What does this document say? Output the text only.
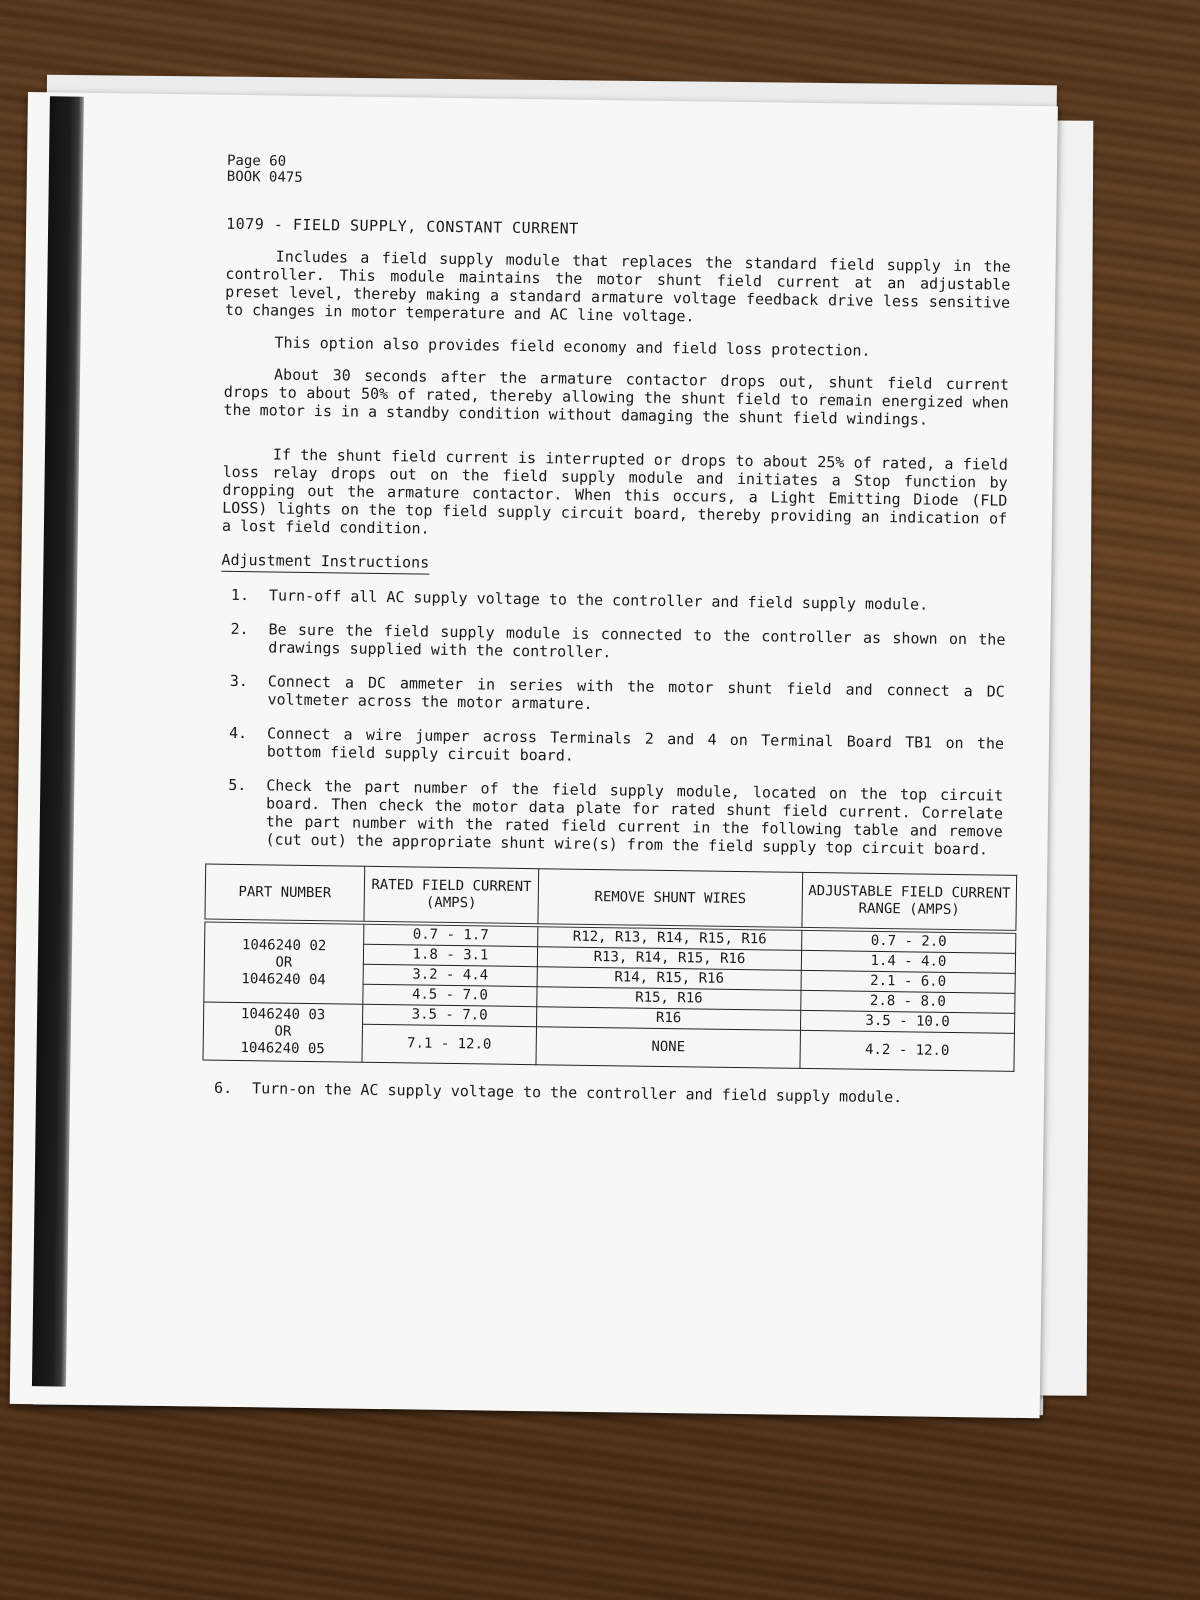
Page 60
BOOK 0475
1079 - FIELD SUPPLY, CONSTANT CURRENT

Includes a field supply module that replaces the standard field supply in the controller. This module maintains the motor shunt field current at an adjustable preset level, thereby making a standard armature voltage feedback drive less sensitive to changes in motor temperature and AC line voltage.

This option also provides field economy and field loss protection.

About 30 seconds after the armature contactor drops out, shunt field current drops to about 50% of rated, thereby allowing the shunt field to remain energized when the motor is in a standby condition without damaging the shunt field windings.

If the shunt field current is interrupted or drops to about 25% of rated, a field loss relay drops out on the field supply module and initiates a Stop function by dropping out the armature contactor. When this occurs, a Light Emitting Diode (FLD LOSS) lights on the top field supply circuit board, thereby providing an indication of a lost field condition.

Adjustment Instructions
1.	Turn-off all AC supply voltage to the controller and field supply module.
2.	Be sure the field supply module is connected to the controller as shown on the drawings supplied with the controller.
3.	Connect a DC ammeter in series with the motor shunt field and connect a DC voltmeter across the motor armature.
4.	Connect a wire jumper across Terminals 2 and 4 on Terminal Board TB1 on the bottom field supply circuit board.
5.	Check the part number of the field supply module, located on the top circuit board. Then check the motor data plate for rated shunt field current. Correlate the part number with the rated field current in the following table and remove (cut out) the appropriate shunt wire(s) from the field supply top circuit board.
PART NUMBER	RATED FIELD CURRENT (AMPS)	REMOVE SHUNT WIRES	ADJUSTABLE FIELD CURRENT RANGE (AMPS)

1046240 02
OR
1046240 04	0.7 - 1.7	R12, R13, R14, R15, R16	0.7 - 2.0
	1.8 - 3.1	R13, R14, R15, R16	1.4 - 4.0
	3.2 - 4.4	R14, R15, R16	2.1 - 6.0
	4.5 - 7.0	R15, R16	2.8 - 8.0

1046240 03
OR
1046240 05	3.5 - 7.0	R16	3.5 - 10.0
	7.1 - 12.0	NONE	4.2 - 12.0
6.	Turn-on the AC supply voltage to the controller and field supply module.
